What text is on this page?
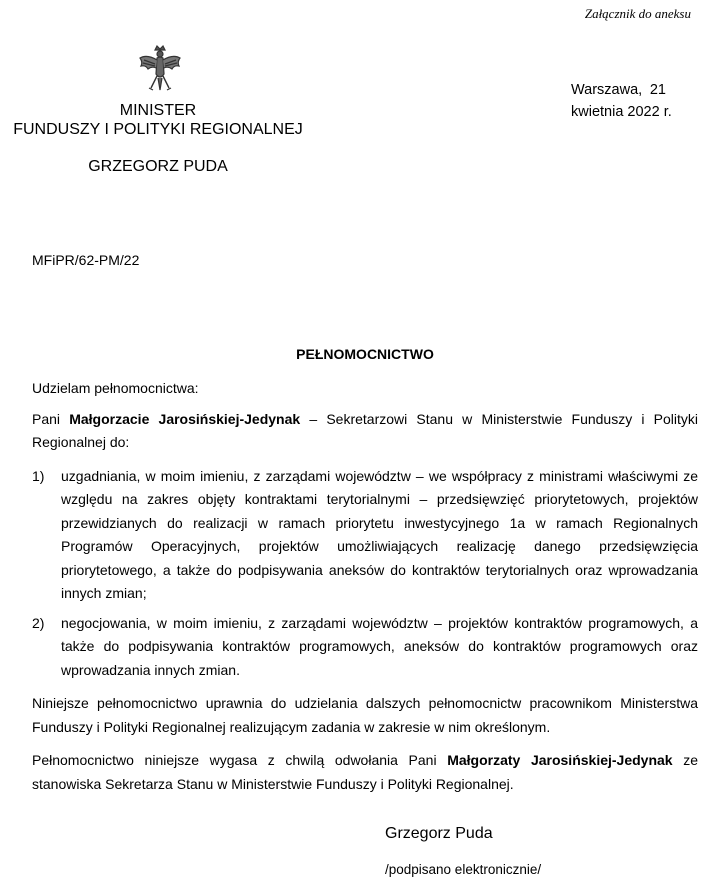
Załącznik do aneksu
MINISTER
FUNDUSZY I POLITYKI REGIONALNEJ
GRZEGORZ PUDA
Warszawa, 21
kwietnia 2022 r.
MFiPR/62-PM/22
PEŁNOMOCNICTWO

Udzielam pełnomocnictwa:

Pani Małgorzacie Jarosińskiej-Jedynak – Sekretarzowi Stanu w Ministerstwie Funduszy i Polityki Regionalnej do:

1)	uzgadniania, w moim imieniu, z zarządami województw – we współpracy z ministrami właściwymi ze względu na zakres objęty kontraktami terytorialnymi – przedsięwzięć priorytetowych, projektów przewidzianych do realizacji w ramach priorytetu inwestycyjnego 1a w ramach Regionalnych Programów Operacyjnych, projektów umożliwiających realizację danego przedsięwzięcia priorytetowego, a także do podpisywania aneksów do kontraktów terytorialnych oraz wprowadzania innych zmian;
2)	negocjowania, w moim imieniu, z zarządami województw – projektów kontraktów programowych, a także do podpisywania kontraktów programowych, aneksów do kontraktów programowych oraz wprowadzania innych zmian.

Niniejsze pełnomocnictwo uprawnia do udzielania dalszych pełnomocnictw pracownikom Ministerstwa Funduszy i Polityki Regionalnej realizującym zadania w zakresie w nim określonym.

Pełnomocnictwo niniejsze wygasa z chwilą odwołania Pani Małgorzaty Jarosińskiej-Jedynak ze stanowiska Sekretarza Stanu w Ministerstwie Funduszy i Polityki Regionalnej.

Grzegorz Puda
/podpisano elektronicznie/
